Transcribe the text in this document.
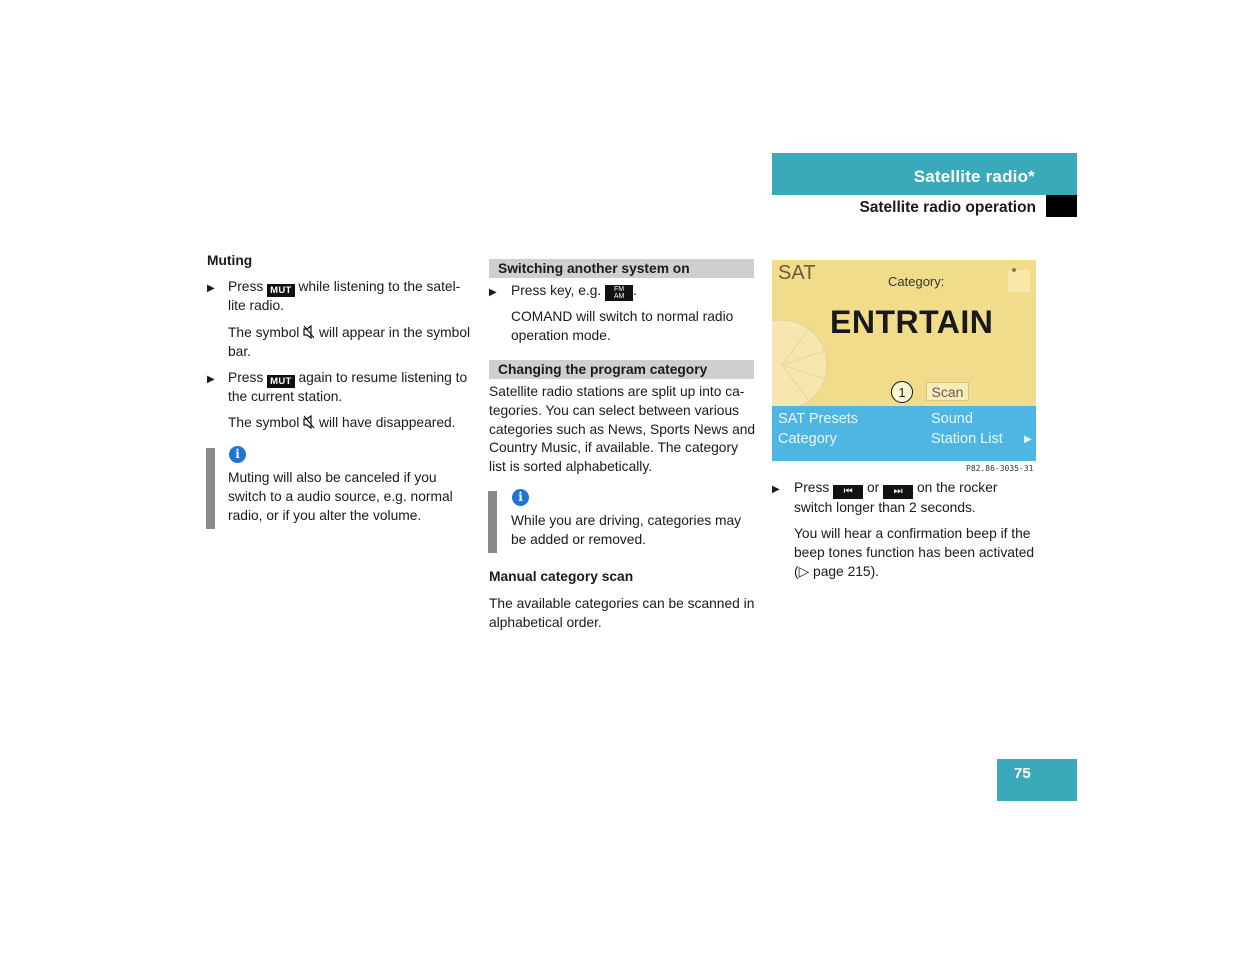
Satellite radio*
Satellite radio operation
Muting
▶ Press MUT while listening to the satel-
lite radio.
The symbol will appear in the symbol
bar.
▶ Press MUT again to resume listening to
the current station.
The symbol will have disappeared.
i
Muting will also be canceled if you
switch to a audio source, e.g. normal
radio, or if you alter the volume.
Switching another system on
▶ Press key, e.g. FM
AM .
COMAND will switch to normal radio
operation mode.
Changing the program category
Satellite radio stations are split up into ca-
tegories. You can select between various
categories such as News, Sports News and
Country Music, if available. The category
list is sorted alphabetically.
i
While you are driving, categories may
be added or removed.
Manual category scan
The available categories can be scanned in
alphabetical order.
SAT	Category:
ENTRTAIN
1	Scan
SAT Presets
Category
Sound
Station List ▶
P82.86-3035-31
▶ Press ⏮ or ⏭ on the rocker
switch longer than 2 seconds.
You will hear a confirmation beep if the
beep tones function has been activated
(▷ page 215).
75
